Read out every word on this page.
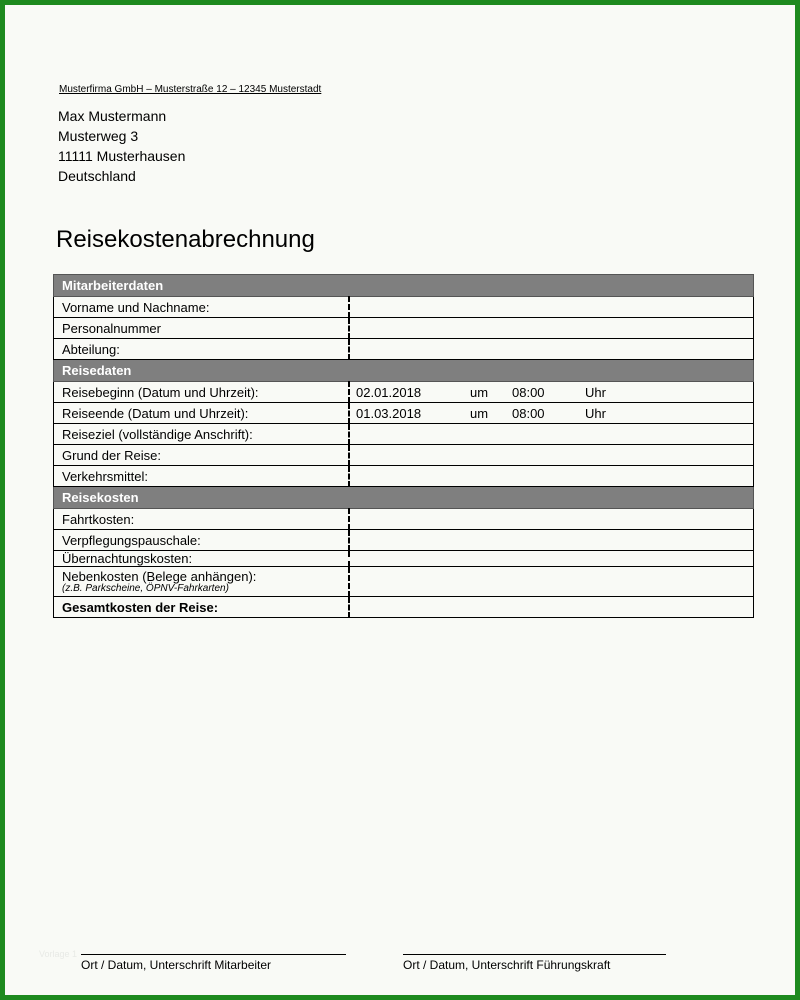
Musterfirma GmbH – Musterstraße 12 – 12345 Musterstadt
Max Mustermann
Musterweg 3
11111 Musterhausen
Deutschland
Reisekostenabrechnung
Mitarbeiterdaten	
Vorname und Nachname:	
Personalnummer	
Abteilung:	
Reisedaten	
Reisebeginn (Datum und Uhrzeit):	02.01.2018 um 08:00 Uhr

Reiseende (Datum und Uhrzeit):	01.03.2018 um 08:00 Uhr

Reiseziel (vollständige Anschrift):	
Grund der Reise:	
Verkehrsmittel:	
Reisekosten	
Fahrtkosten:	
Verpflegungspauschale:	
Übernachtungskosten:	
Nebenkosten (Belege anhängen):
(z.B. Parkscheine, ÖPNV-Fahrkarten)	

Gesamtkosten der Reise:	
Vorlage 1
Ort / Datum, Unterschrift Mitarbeiter	Ort / Datum, Unterschrift Führungskraft
